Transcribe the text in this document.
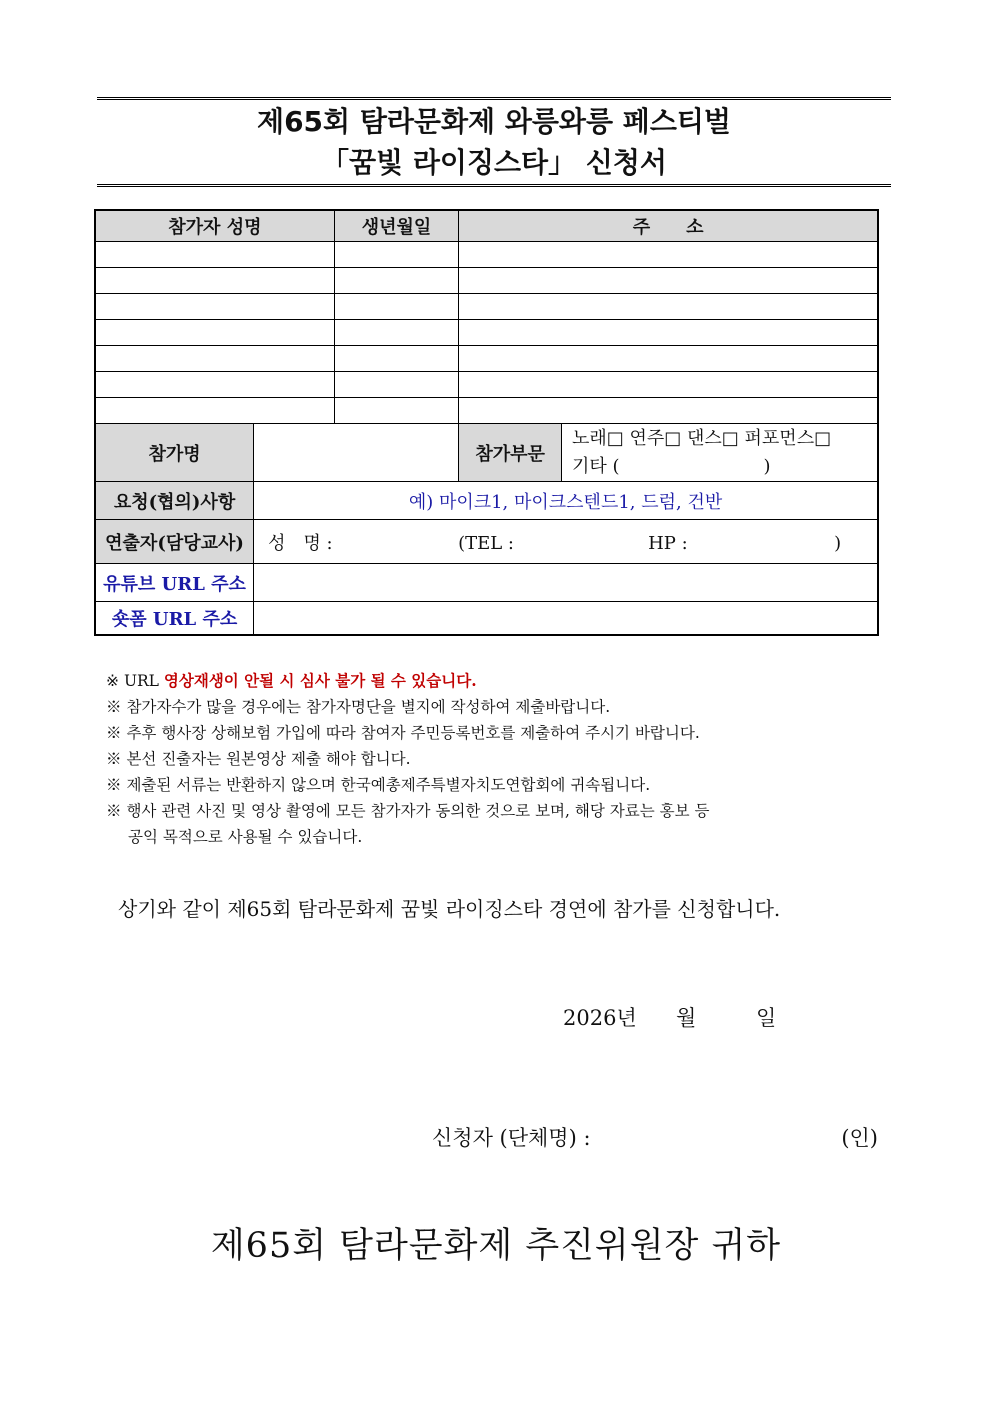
제65회 탐라문화제 와릉와릉 페스티벌
「꿈빛 라이징스타」 신청서
참가자 성명		생년월일	주　　소	

참가명			참가부문	노래□ 연주□ 댄스□ 퍼포먼스□
기타 (　　　　　　　　)

요청(협의)사항	예) 마이크1, 마이크스텐드1, 드럼, 건반			
연출자(담당교사)	성　명 : (TEL : HP : )			
유튜브 URL 주소				
숏폼 URL 주소				
※ URL 영상재생이 안될 시 심사 불가 될 수 있습니다.
※ 참가자수가 많을 경우에는 참가자명단을 별지에 작성하여 제출바랍니다.
※ 추후 행사장 상해보험 가입에 따라 참여자 주민등록번호를 제출하여 주시기 바랍니다.
※ 본선 진출자는 원본영상 제출 해야 합니다.
※ 제출된 서류는 반환하지 않으며 한국예총제주특별자치도연합회에 귀속됩니다.
※ 행사 관련 사진 및 영상 촬영에 모든 참가자가 동의한 것으로 보며, 해당 자료는 홍보 등
공익 목적으로 사용될 수 있습니다.
상기와 같이 제65회 탐라문화제 꿈빛 라이징스타 경연에 참가를 신청합니다.
2026년 월	일
신청자 (단체명) :	(인)
제65회 탐라문화제 추진위원장 귀하
